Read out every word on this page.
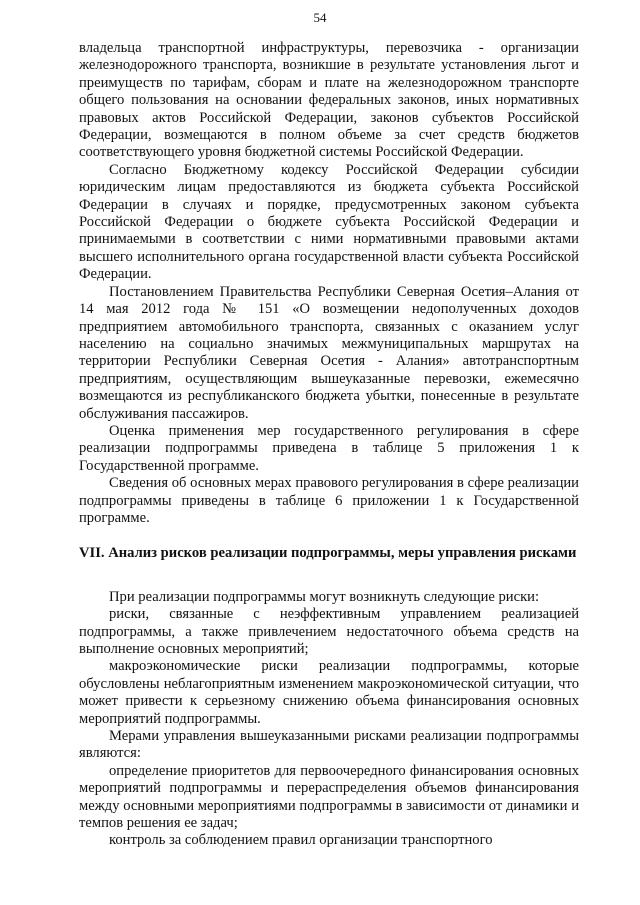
54

владельца транспортной инфраструктуры, перевозчика - организации железнодорожного транспорта, возникшие в результате установления льгот и преимуществ по тарифам, сборам и плате на железнодорожном транспорте общего пользования на основании федеральных законов, иных нормативных правовых актов Российской Федерации, законов субъектов Российской Федерации, возмещаются в полном объеме за счет средств бюджетов соответствующего уровня бюджетной системы Российской Федерации.

Согласно Бюджетному кодексу Российской Федерации субсидии юридическим лицам предоставляются из бюджета субъекта Российской Федерации в случаях и порядке, предусмотренных законом субъекта Российской Федерации о бюджете субъекта Российской Федерации и принимаемыми в соответствии с ними нормативными правовыми актами высшего исполнительного органа государственной власти субъекта Российской Федерации.

Постановлением Правительства Республики Северная Осетия–Алания от 14 мая 2012 года № 151 «О возмещении недополученных доходов предприятием автомобильного транспорта, связанных с оказанием услуг населению на социально значимых межмуниципальных маршрутах на территории Республики Северная Осетия - Алания» автотранспортным предприятиям, осуществляющим вышеуказанные перевозки, ежемесячно возмещаются из республиканского бюджета убытки, понесенные в результате обслуживания пассажиров.

Оценка применения мер государственного регулирования в сфере реализации подпрограммы приведена в таблице 5 приложения 1 к Государственной программе.

Сведения об основных мерах правового регулирования в сфере реализации подпрограммы приведены в таблице 6 приложении 1 к Государственной программе.

VII. Анализ рисков реализации подпрограммы, меры управления рисками

При реализации подпрограммы могут возникнуть следующие риски:

риски, связанные с неэффективным управлением реализацией подпрограммы, а также привлечением недостаточного объема средств на выполнение основных мероприятий;

макроэкономические риски реализации подпрограммы, которые обусловлены неблагоприятным изменением макроэкономической ситуации, что может привести к серьезному снижению объема финансирования основных мероприятий подпрограммы.

Мерами управления вышеуказанными рисками реализации подпрограммы являются:

определение приоритетов для первоочередного финансирования основных мероприятий подпрограммы и перераспределения объемов финансирования между основными мероприятиями подпрограммы в зависимости от динамики и темпов решения ее задач;

контроль за соблюдением правил организации транспортного
